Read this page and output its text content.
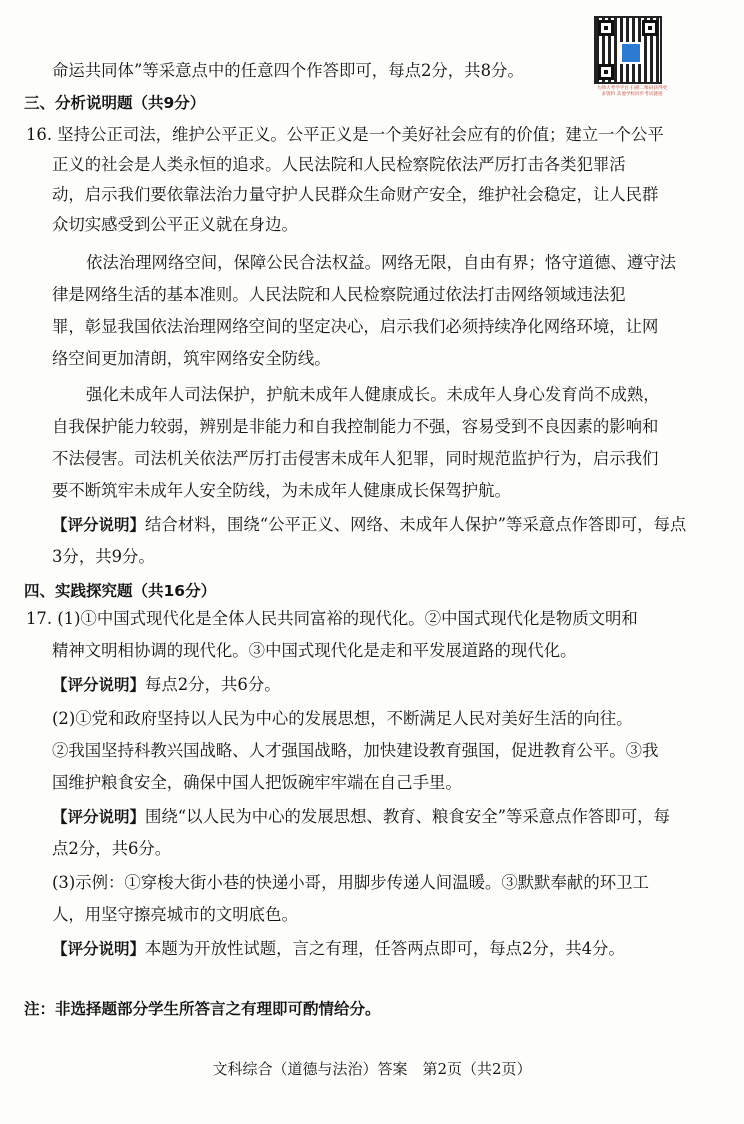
九师大考学平台 扫描二维码获得更多资料 其他学校同步考试链接
命运共同体”等采意点中的任意四个作答即可，每点2分，共8分。
三、分析说明题（共9分）
16. 坚持公正司法，维护公平正义。公平正义是一个美好社会应有的价值；建立一个公平
正义的社会是人类永恒的追求。人民法院和人民检察院依法严厉打击各类犯罪活
动，启示我们要依靠法治力量守护人民群众生命财产安全，维护社会稳定，让人民群
众切实感受到公平正义就在身边。
依法治理网络空间，保障公民合法权益。网络无限，自由有界；恪守道德、遵守法
律是网络生活的基本准则。人民法院和人民检察院通过依法打击网络领域违法犯
罪，彰显我国依法治理网络空间的坚定决心，启示我们必须持续净化网络环境，让网
络空间更加清朗，筑牢网络安全防线。
强化未成年人司法保护，护航未成年人健康成长。未成年人身心发育尚不成熟，
自我保护能力较弱，辨别是非能力和自我控制能力不强，容易受到不良因素的影响和
不法侵害。司法机关依法严厉打击侵害未成年人犯罪，同时规范监护行为，启示我们
要不断筑牢未成年人安全防线，为未成年人健康成长保驾护航。
【评分说明】结合材料，围绕“公平正义、网络、未成年人保护”等采意点作答即可，每点
3分，共9分。
四、实践探究题（共16分）
17. (1)①中国式现代化是全体人民共同富裕的现代化。②中国式现代化是物质文明和
精神文明相协调的现代化。③中国式现代化是走和平发展道路的现代化。
【评分说明】每点2分，共6分。
(2)①党和政府坚持以人民为中心的发展思想，不断满足人民对美好生活的向往。
②我国坚持科教兴国战略、人才强国战略，加快建设教育强国，促进教育公平。③我
国维护粮食安全，确保中国人把饭碗牢牢端在自己手里。
【评分说明】围绕“以人民为中心的发展思想、教育、粮食安全”等采意点作答即可，每
点2分，共6分。
(3)示例：①穿梭大街小巷的快递小哥，用脚步传递人间温暖。③默默奉献的环卫工
人，用坚守擦亮城市的文明底色。
【评分说明】本题为开放性试题，言之有理，任答两点即可，每点2分，共4分。
注：非选择题部分学生所答言之有理即可酌情给分。
文科综合（道德与法治）答案　第2页（共2页）
